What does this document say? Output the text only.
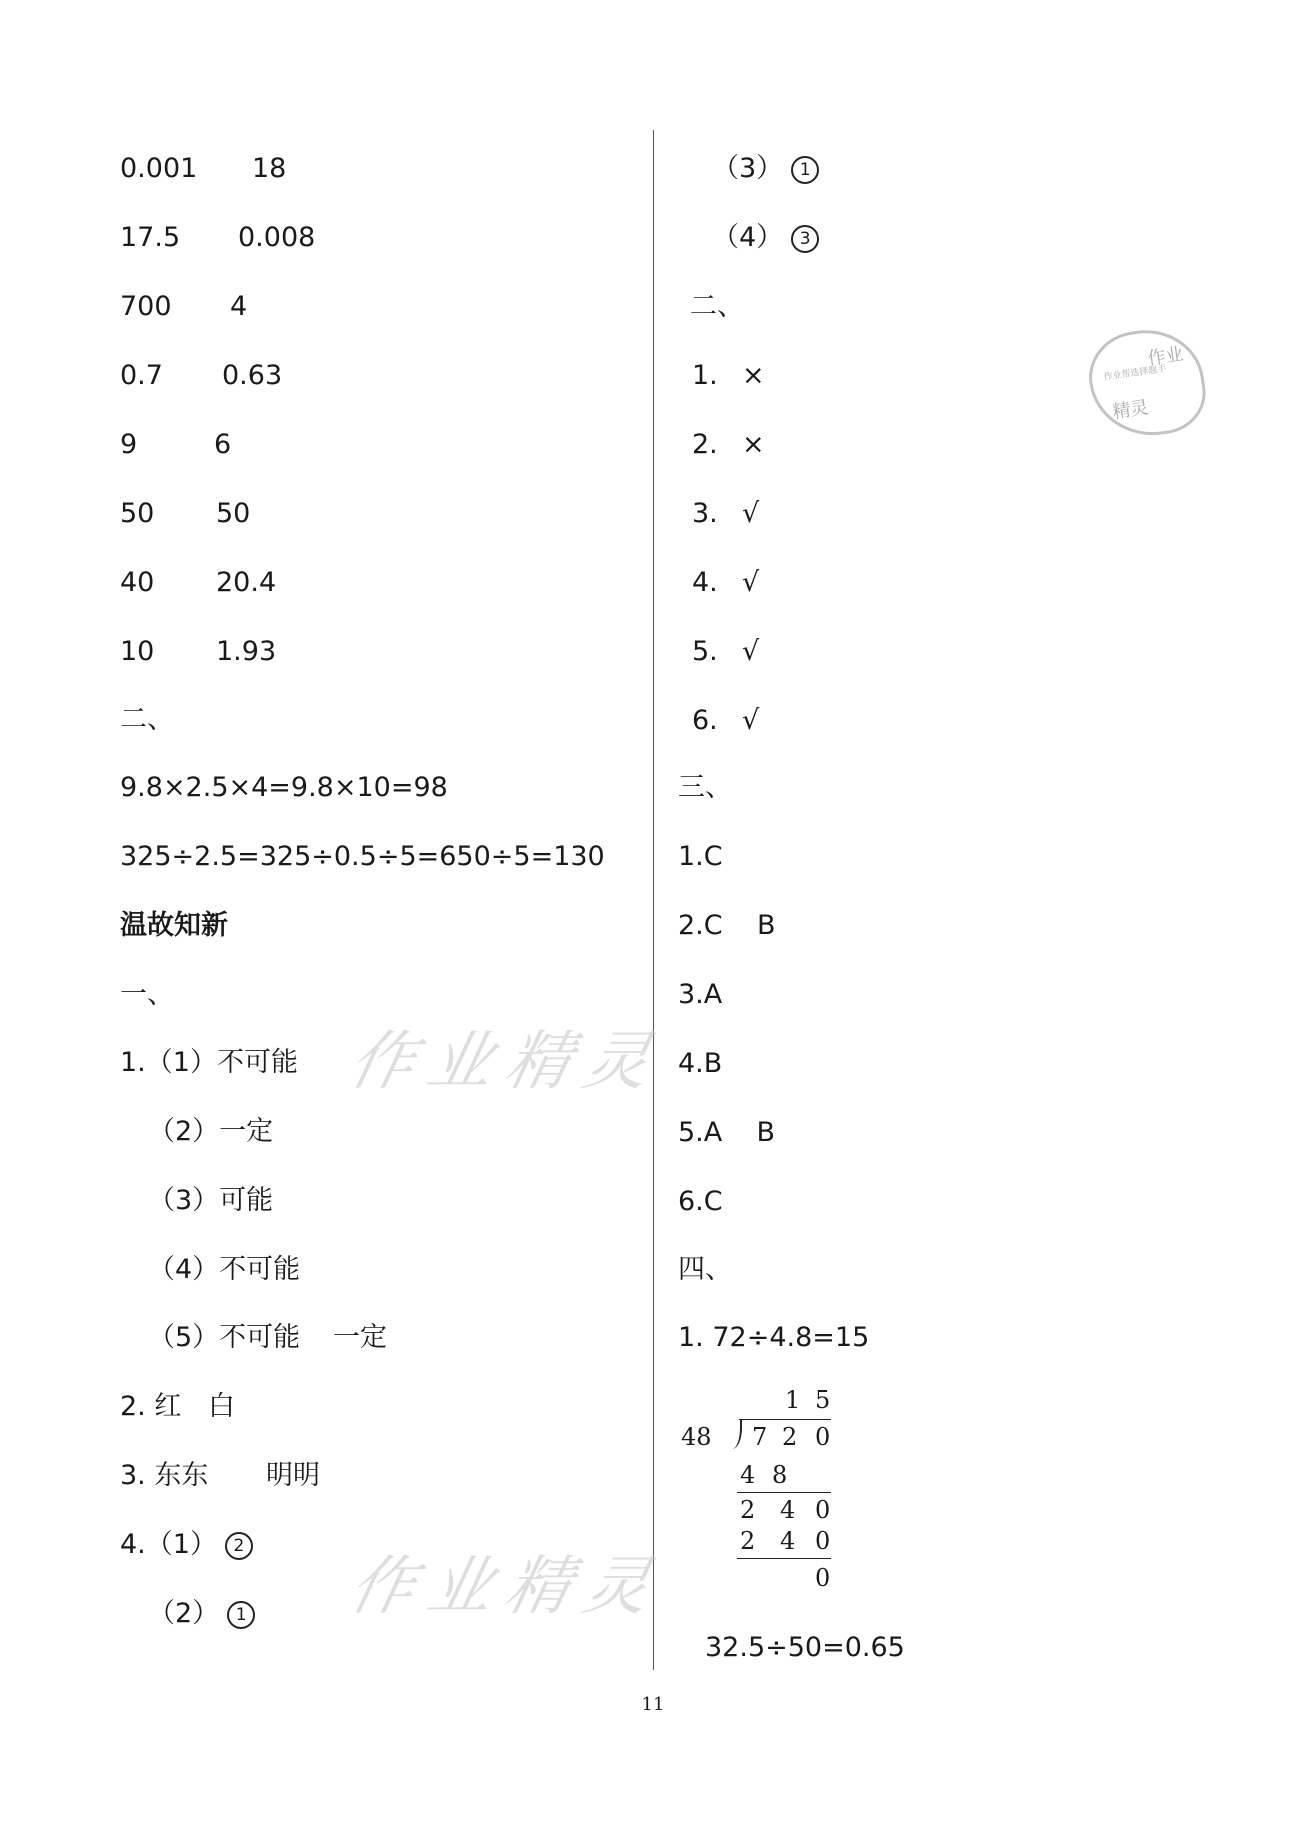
0.001 18
17.5 0.008
700 4
0.7 0.63
9	6
50 50
40 20.4
10 1.93
二、
9.8×2.5×4=9.8×10=98
325÷2.5=325÷0.5÷5=650÷5=130
温故知新
一、
1.（1）不可能
（2）一定
（3）可能
（4）不可能
（5）不可能 一定
2. 红 白
3. 东东 明明
4.（1） 2
（2） 1
（3） 1
（4） 3
二、
1. ×
2. ×
3. √
4. √
5. √
6. √
三、
1.C
2.C    B
3.A
4.B
5.A    B
6.C
四、
1. 72÷4.8=15
1 5
48 7 2 0
4 8
2 4 0
2 4 0
0
32.5÷50=0.65
11
作业精灵
作业精灵
作业
作业帮选择题手
精灵
